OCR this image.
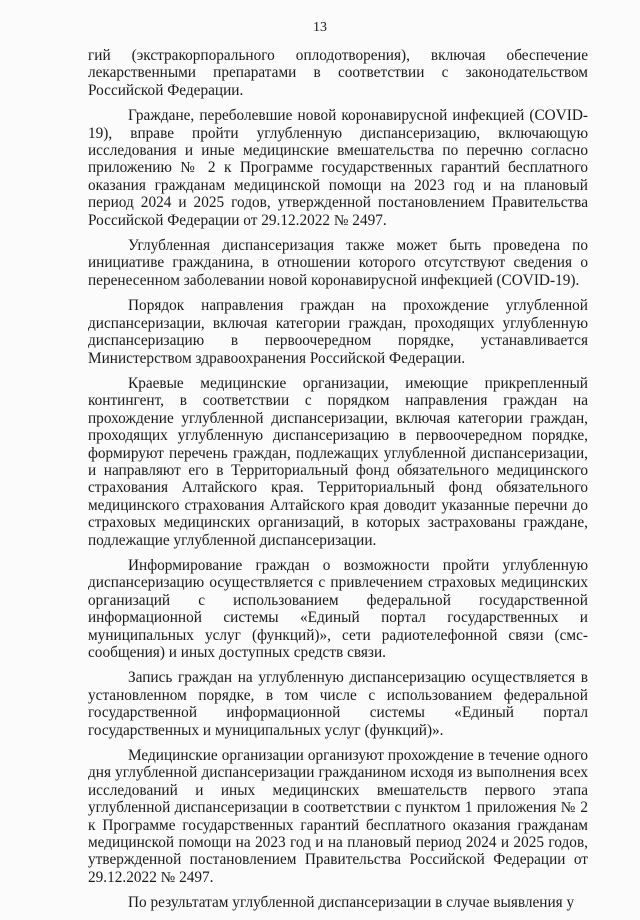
13

гий (экстракорпорального оплодотворения), включая обеспечение лекарственными препаратами в соответствии с законодательством Российской Федерации.

Граждане, переболевшие новой коронавирусной инфекцией (COVID-19), вправе пройти углубленную диспансеризацию, включающую исследования и иные медицинские вмешательства по перечню согласно приложению № 2 к Программе государственных гарантий бесплатного оказания гражданам медицинской помощи на 2023 год и на плановый период 2024 и 2025 годов, утвержденной постановлением Правительства Российской Федерации от 29.12.2022 № 2497.

Углубленная диспансеризация также может быть проведена по инициативе гражданина, в отношении которого отсутствуют сведения о перенесенном заболевании новой коронавирусной инфекцией (COVID-19).

Порядок направления граждан на прохождение углубленной диспансеризации, включая категории граждан, проходящих углубленную диспансеризацию в первоочередном порядке, устанавливается Министерством здравоохранения Российской Федерации.

Краевые медицинские организации, имеющие прикрепленный контингент, в соответствии с порядком направления граждан на прохождение углубленной диспансеризации, включая категории граждан, проходящих углубленную диспансеризацию в первоочередном порядке, формируют перечень граждан, подлежащих углубленной диспансеризации, и направляют его в Территориальный фонд обязательного медицинского страхования Алтайского края. Территориальный фонд обязательного медицинского страхования Алтайского края доводит указанные перечни до страховых медицинских организаций, в которых застрахованы граждане, подлежащие углубленной диспансеризации.

Информирование граждан о возможности пройти углубленную диспансеризацию осуществляется с привлечением страховых медицинских организаций с использованием федеральной государственной информационной системы «Единый портал государственных и муниципальных услуг (функций)», сети радиотелефонной связи (смс-сообщения) и иных доступных средств связи.

Запись граждан на углубленную диспансеризацию осуществляется в установленном порядке, в том числе с использованием федеральной государственной информационной системы «Единый портал государственных и муниципальных услуг (функций)».

Медицинские организации организуют прохождение в течение одного дня углубленной диспансеризации гражданином исходя из выполнения всех исследований и иных медицинских вмешательств первого этапа углубленной диспансеризации в соответствии с пунктом 1 приложения № 2 к Программе государственных гарантий бесплатного оказания гражданам медицинской помощи на 2023 год и на плановый период 2024 и 2025 годов, утвержденной постановлением Правительства Российской Федерации от 29.12.2022 № 2497.

По результатам углубленной диспансеризации в случае выявления у
